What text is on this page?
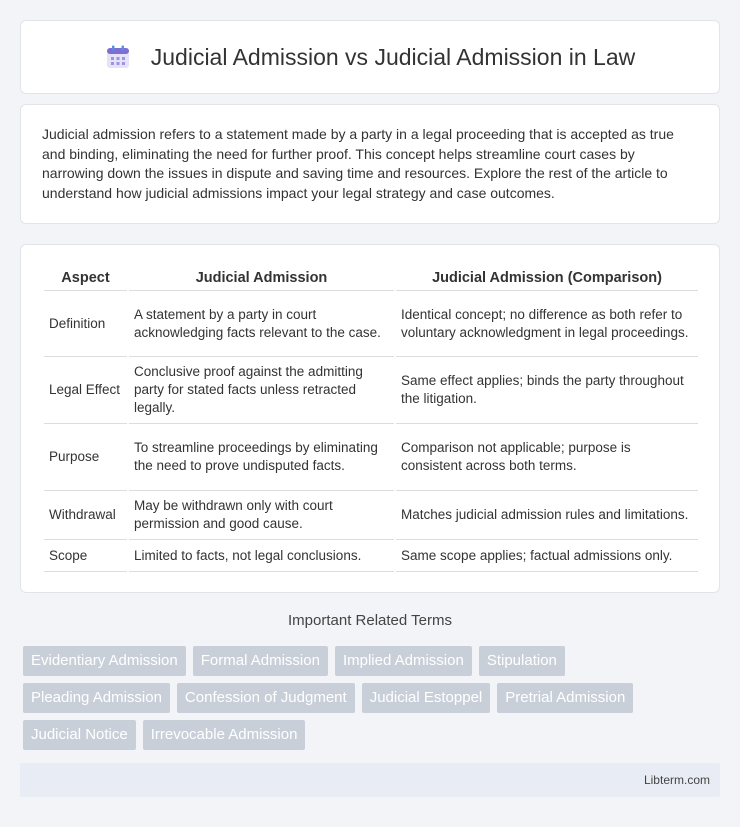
Judicial Admission vs Judicial Admission in Law

Judicial admission refers to a statement made by a party in a legal proceeding that is accepted as true and binding, eliminating the need for further proof. This concept helps streamline court cases by narrowing down the issues in dispute and saving time and resources. Explore the rest of the article to understand how judicial admissions impact your legal strategy and case outcomes.

Aspect	Judicial Admission	Judicial Admission (Comparison)
Definition	A statement by a party in court acknowledging facts relevant to the case.	Identical concept; no difference as both refer to voluntary acknowledgment in legal proceedings.
Legal Effect	Conclusive proof against the admitting party for stated facts unless retracted legally.	Same effect applies; binds the party throughout the litigation.
Purpose	To streamline proceedings by eliminating the need to prove undisputed facts.	Comparison not applicable; purpose is consistent across both terms.
Withdrawal	May be withdrawn only with court permission and good cause.	Matches judicial admission rules and limitations.
Scope	Limited to facts, not legal conclusions.	Same scope applies; factual admissions only.
Important Related Terms
Evidentiary Admission	Formal Admission	Implied Admission	Stipulation
Pleading Admission	Confession of Judgment	Judicial Estoppel	Pretrial Admission
Judicial Notice	Irrevocable Admission
Libterm.com
